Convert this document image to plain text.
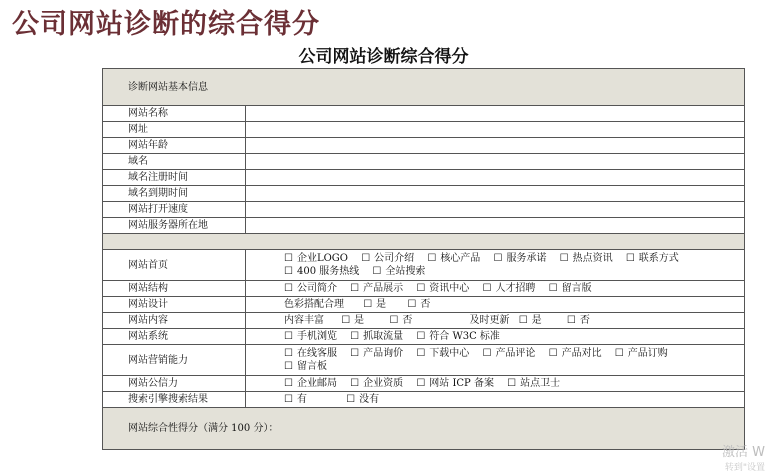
公司网站诊断的综合得分
公司网站诊断综合得分
诊断网站基本信息	
网站名称	
网址	
网站年龄	
域名	
域名注册时间	
域名到期时间	
网站打开速度	
网站服务器所在地	

网站首页	☐ 企业LOGO ☐ 公司介绍 ☐ 核心产品 ☐ 服务承诺 ☐ 热点资讯 ☐ 联系方式
☐ 400 服务热线 ☐ 全站搜索

网站结构	☐ 公司简介 ☐ 产品展示 ☐ 资讯中心 ☐ 人才招聘 ☐ 留言版
网站设计	色彩搭配合理 ☐ 是 ☐ 否
网站内容	内容丰富 ☐ 是 ☐ 否 及时更新 ☐ 是 ☐ 否
网站系统	☐ 手机浏览 ☐ 抓取流量 ☐ 符合 W3C 标准
网站营销能力	☐ 在线客服 ☐ 产品询价 ☐ 下载中心 ☐ 产品评论 ☐ 产品对比 ☐ 产品订购
☐ 留言板

网站公信力	☐ 企业邮局 ☐ 企业资质 ☐ 网站 ICP 备案 ☐ 站点卫士
搜索引擎搜索结果	☐ 有 ☐ 没有
网站综合性得分（满分 100 分）：	
激活 W
转到"设置
